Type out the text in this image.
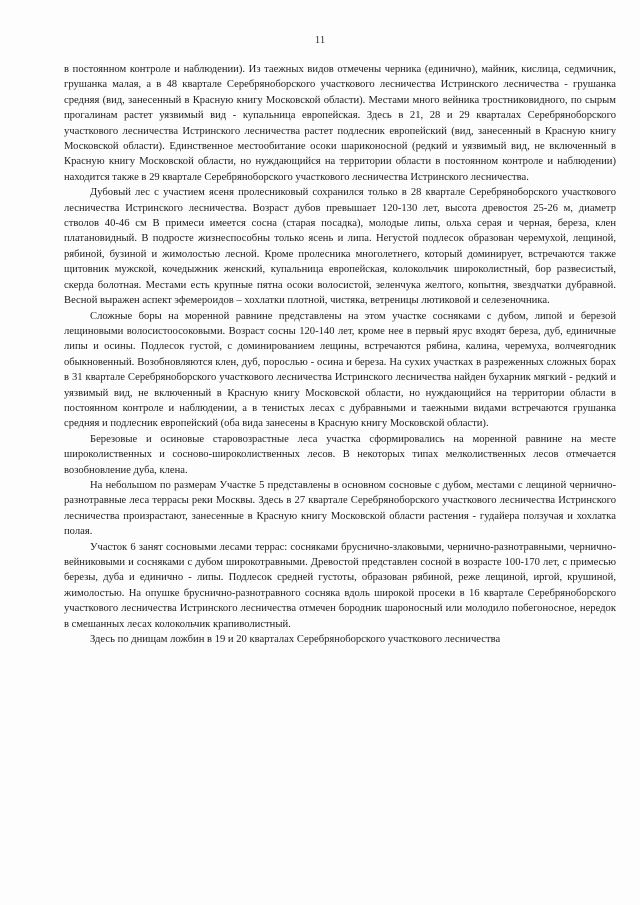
11

в постоянном контроле и наблюдении). Из таежных видов отмечены черника (единично), майник, кислица, седмичник, грушанка малая, а в 48 квартале Серебряноборского участкового лесничества Истринского лесничества - грушанка средняя (вид, занесенный в Красную книгу Московской области). Местами много вейника тростниковидного, по сырым прогалинам растет уязвимый вид - купальница европейская. Здесь в 21, 28 и 29 кварталах Серебряноборского участкового лесничества Истринского лесничества растет подлесник европейский (вид, занесенный в Красную книгу Московской области). Единственное местообитание осоки шариконосной (редкий и уязвимый вид, не включенный в Красную книгу Московской области, но нуждающийся на территории области в постоянном контроле и наблюдении) находится также в 29 квартале Серебряноборского участкового лесничества Истринского лесничества.

Дубовый лес с участием ясеня пролесниковый сохранился только в 28 квартале Серебряноборского участкового лесничества Истринского лесничества. Возраст дубов превышает 120-130 лет, высота древостоя 25-26 м, диаметр стволов 40-46 см В примеси имеется сосна (старая посадка), молодые липы, ольха серая и черная, береза, клен платановидный. В подросте жизнеспособны только ясень и липа. Негустой подлесок образован черемухой, лещиной, рябиной, бузиной и жимолостью лесной. Кроме пролесника многолетнего, который доминирует, встречаются также щитовник мужской, кочедыжник женский, купальница европейская, колокольчик широколистный, бор развесистый, скерда болотная. Местами есть крупные пятна осоки волосистой, зеленчука желтого, копытня, звездчатки дубравной. Весной выражен аспект эфемероидов – хохлатки плотной, чистяка, ветреницы лютиковой и селезеночника.

Сложные боры на моренной равнине представлены на этом участке сосняками с дубом, липой и березой лещиновыми волосистоосоковыми. Возраст сосны 120-140 лет, кроме нее в первый ярус входят береза, дуб, единичные липы и осины. Подлесок густой, с доминированием лещины, встречаются рябина, калина, черемуха, волчеягодник обыкновенный. Возобновляются клен, дуб, порослью - осина и береза. На сухих участках в разреженных сложных борах в 31 квартале Серебряноборского участкового лесничества Истринского лесничества найден бухарник мягкий - редкий и уязвимый вид, не включенный в Красную книгу Московской области, но нуждающийся на территории области в постоянном контроле и наблюдении, а в тенистых лесах с дубравными и таежными видами встречаются грушанка средняя и подлесник европейский (оба вида занесены в Красную книгу Московской области).

Березовые и осиновые старовозрастные леса участка сформировались на моренной равнине на месте широколиственных и сосново-широколиственных лесов. В некоторых типах мелколиственных лесов отмечается возобновление дуба, клена.

На небольшом по размерам Участке 5 представлены в основном сосновые с дубом, местами с лещиной чернично-разнотравные леса террасы реки Москвы. Здесь в 27 квартале Серебряноборского участкового лесничества Истринского лесничества произрастают, занесенные в Красную книгу Московской области растения - гудайера ползучая и хохлатка полая.

Участок 6 занят сосновыми лесами террас: сосняками бруснично-злаковыми, чернично-разнотравными, чернично-вейниковыми и сосняками с дубом широкотравными. Древостой представлен сосной в возрасте 100-170 лет, с примесью березы, дуба и единично - липы. Подлесок средней густоты, образован рябиной, реже лещиной, иргой, крушиной, жимолостью. На опушке бруснично-разнотравного сосняка вдоль широкой просеки в 16 квартале Серебряноборского участкового лесничества Истринского лесничества отмечен бородник шароносный или молодило побегоносное, нередок в смешанных лесах колокольчик крапиволистный.

Здесь по днищам ложбин в 19 и 20 кварталах Серебряноборского участкового лесничества
